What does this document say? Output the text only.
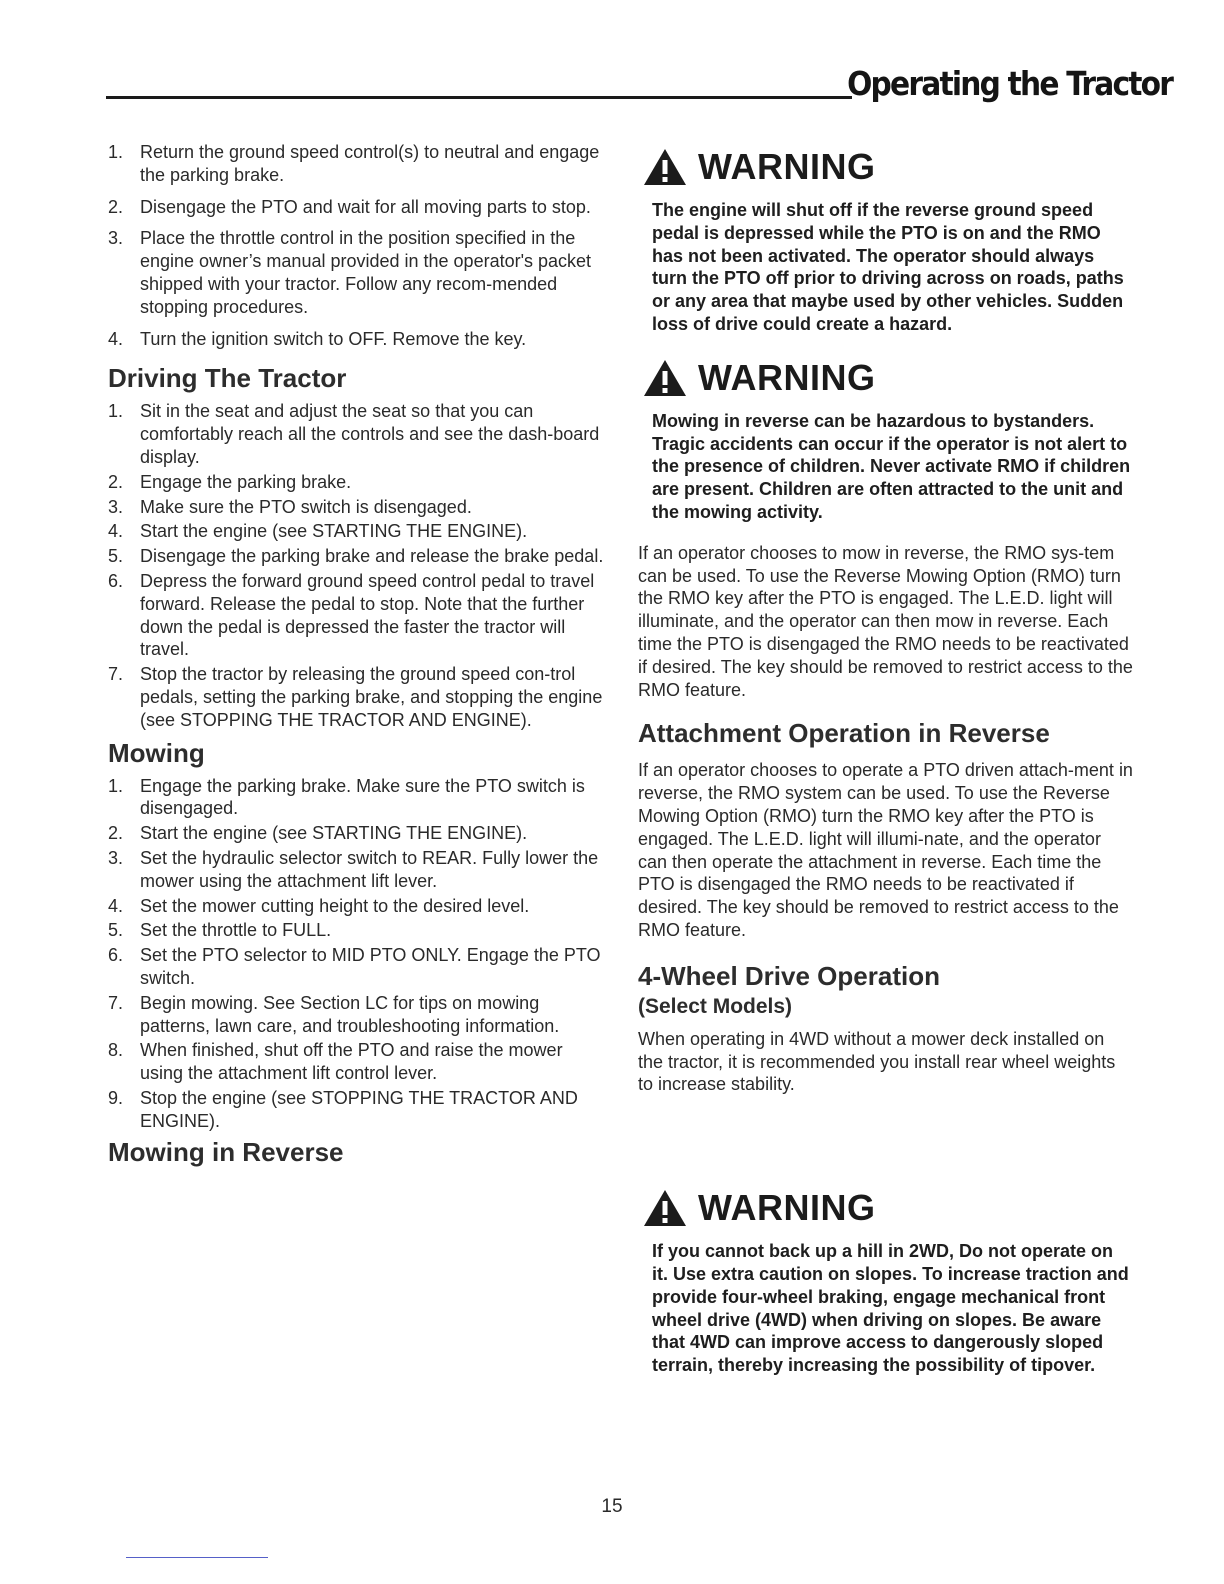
Operating the Tractor
1. Return the ground speed control(s) to neutral and engage the parking brake.
2. Disengage the PTO and wait for all moving parts to stop.
3. Place the throttle control in the position specified in the engine owner’s manual provided in the operator's packet shipped with your tractor. Follow any recom-mended stopping procedures.
4. Turn the ignition switch to OFF. Remove the key.
Driving The Tractor
1. Sit in the seat and adjust the seat so that you can comfortably reach all the controls and see the dash-board display.
2. Engage the parking brake.
3. Make sure the PTO switch is disengaged.
4. Start the engine (see STARTING THE ENGINE).
5. Disengage the parking brake and release the brake pedal.
6. Depress the forward ground speed control pedal to travel forward. Release the pedal to stop. Note that the further down the pedal is depressed the faster the tractor will travel.
7. Stop the tractor by releasing the ground speed con-trol pedals, setting the parking brake, and stopping the engine (see STOPPING THE TRACTOR AND ENGINE).
Mowing
1. Engage the parking brake. Make sure the PTO switch is disengaged.
2. Start the engine (see STARTING THE ENGINE).
3. Set the hydraulic selector switch to REAR. Fully lower the mower using the attachment lift lever.
4. Set the mower cutting height to the desired level.
5. Set the throttle to FULL.
6. Set the PTO selector to MID PTO ONLY. Engage the PTO switch.
7. Begin mowing. See Section LC for tips on mowing patterns, lawn care, and troubleshooting information.
8. When finished, shut off the PTO and raise the mower using the attachment lift control lever.
9. Stop the engine (see STOPPING THE TRACTOR AND ENGINE).
Mowing in Reverse
WARNING

The engine will shut off if the reverse ground speed pedal is depressed while the PTO is on and the RMO has not been activated. The operator should always turn the PTO off prior to driving across on roads, paths or any area that maybe used by other vehicles. Sudden loss of drive could create a hazard.

WARNING

Mowing in reverse can be hazardous to bystanders. Tragic accidents can occur if the operator is not alert to the presence of children. Never activate RMO if children are present. Children are often attracted to the unit and the mowing activity.

If an operator chooses to mow in reverse, the RMO sys-tem can be used. To use the Reverse Mowing Option (RMO) turn the RMO key after the PTO is engaged. The L.E.D. light will illuminate, and the operator can then mow in reverse. Each time the PTO is disengaged the RMO needs to be reactivated if desired. The key should be removed to restrict access to the RMO feature.

Attachment Operation in Reverse

If an operator chooses to operate a PTO driven attach-ment in reverse, the RMO system can be used. To use the Reverse Mowing Option (RMO) turn the RMO key after the PTO is engaged. The L.E.D. light will illumi-nate, and the operator can then operate the attachment in reverse. Each time the PTO is disengaged the RMO needs to be reactivated if desired. The key should be removed to restrict access to the RMO feature.

4-Wheel Drive Operation

(Select Models)

When operating in 4WD without a mower deck installed on the tractor, it is recommended you install rear wheel weights to increase stability.

WARNING

If you cannot back up a hill in 2WD, Do not operate on it. Use extra caution on slopes. To increase traction and provide four-wheel braking, engage mechanical front wheel drive (4WD) when driving on slopes. Be aware that 4WD can improve access to dangerously sloped terrain, thereby increasing the possibility of tipover.

15
